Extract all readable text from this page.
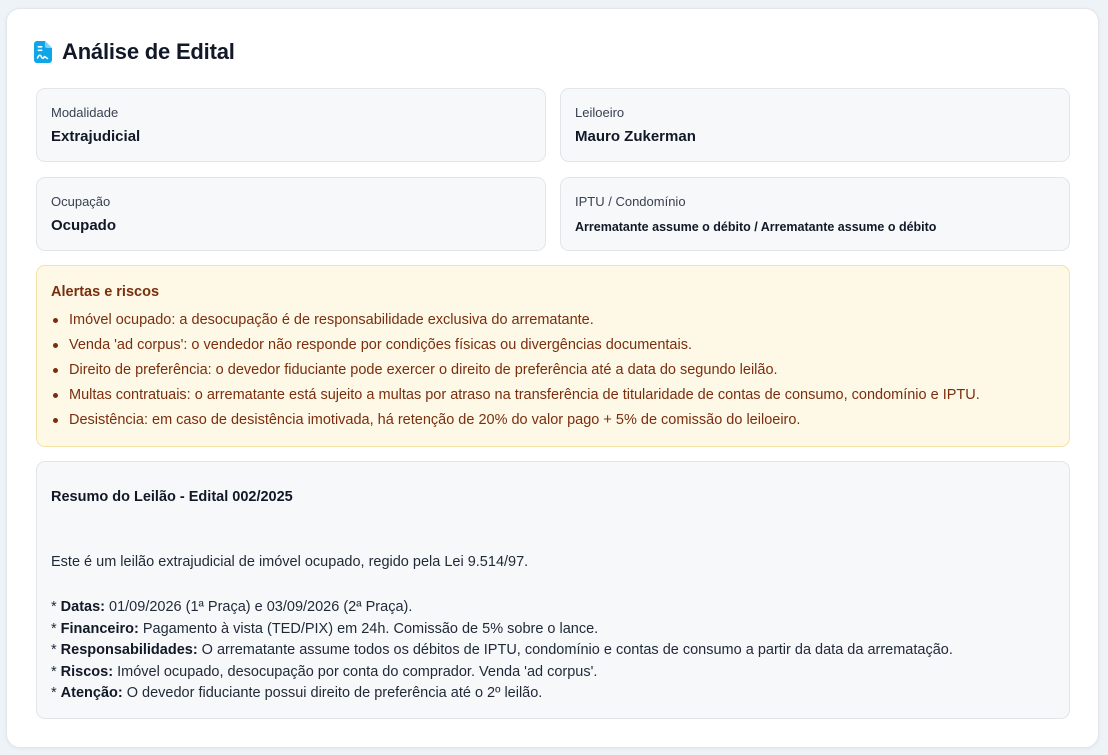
Análise de Edital
Modalidade
Extrajudicial
Leiloeiro
Mauro Zukerman
Ocupação
Ocupado
IPTU / Condomínio
Arrematante assume o débito / Arrematante assume o débito
Alertas e riscos
Imóvel ocupado: a desocupação é de responsabilidade exclusiva do arrematante.
Venda 'ad corpus': o vendedor não responde por condições físicas ou divergências documentais.
Direito de preferência: o devedor fiduciante pode exercer o direito de preferência até a data do segundo leilão.
Multas contratuais: o arrematante está sujeito a multas por atraso na transferência de titularidade de contas de consumo, condomínio e IPTU.
Desistência: em caso de desistência imotivada, há retenção de 20% do valor pago + 5% de comissão do leiloeiro.
Resumo do Leilão - Edital 002/2025
Este é um leilão extrajudicial de imóvel ocupado, regido pela Lei 9.514/97.
* Datas: 01/09/2026 (1ª Praça) e 03/09/2026 (2ª Praça).
* Financeiro: Pagamento à vista (TED/PIX) em 24h. Comissão de 5% sobre o lance.
* Responsabilidades: O arrematante assume todos os débitos de IPTU, condomínio e contas de consumo a partir da data da arrematação.
* Riscos: Imóvel ocupado, desocupação por conta do comprador. Venda 'ad corpus'.
* Atenção: O devedor fiduciante possui direito de preferência até o 2º leilão.
